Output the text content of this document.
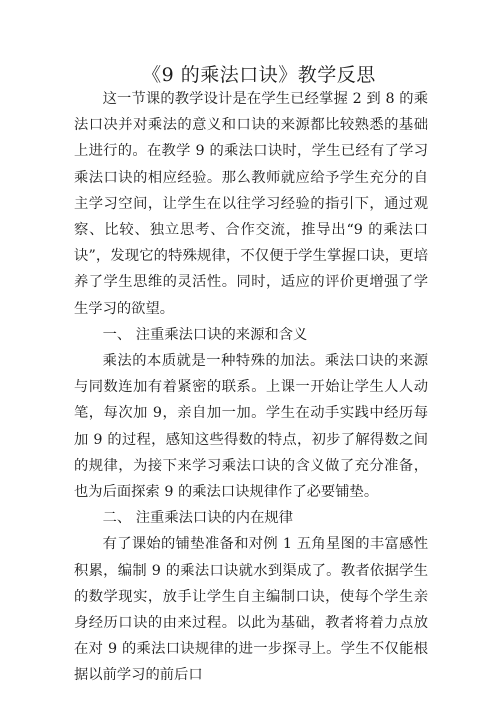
《9 的乘法口诀》教学反思

这一节课的教学设计是在学生已经掌握 2 到 8 的乘法口决并对乘法的意义和口诀的来源都比较熟悉的基础上进行的。在教学 9 的乘法口诀时，学生已经有了学习乘法口诀的相应经验。那么教师就应给予学生充分的自主学习空间，让学生在以往学习经验的指引下，通过观察、比较、独立思考、合作交流，推导出“9 的乘法口诀”，发现它的特殊规律，不仅便于学生掌握口诀，更培养了学生思维的灵活性。同时，适应的评价更增强了学生学习的欲望。

一、 注重乘法口诀的来源和含义

乘法的本质就是一种特殊的加法。乘法口诀的来源与同数连加有着紧密的联系。上课一开始让学生人人动笔，每次加 9，亲自加一加。学生在动手实践中经历每加 9 的过程，感知这些得数的特点，初步了解得数之间的规律，为接下来学习乘法口诀的含义做了充分准备，也为后面探索 9 的乘法口诀规律作了必要铺垫。

二、 注重乘法口诀的内在规律

有了课始的铺垫准备和对例 1 五角星图的丰富感性积累，编制 9 的乘法口诀就水到渠成了。教者依据学生的数学现实，放手让学生自主编制口诀，使每个学生亲身经历口诀的由来过程。以此为基础，教者将着力点放在对 9 的乘法口诀规律的进一步探寻上。学生不仅能根据以前学习的前后口
